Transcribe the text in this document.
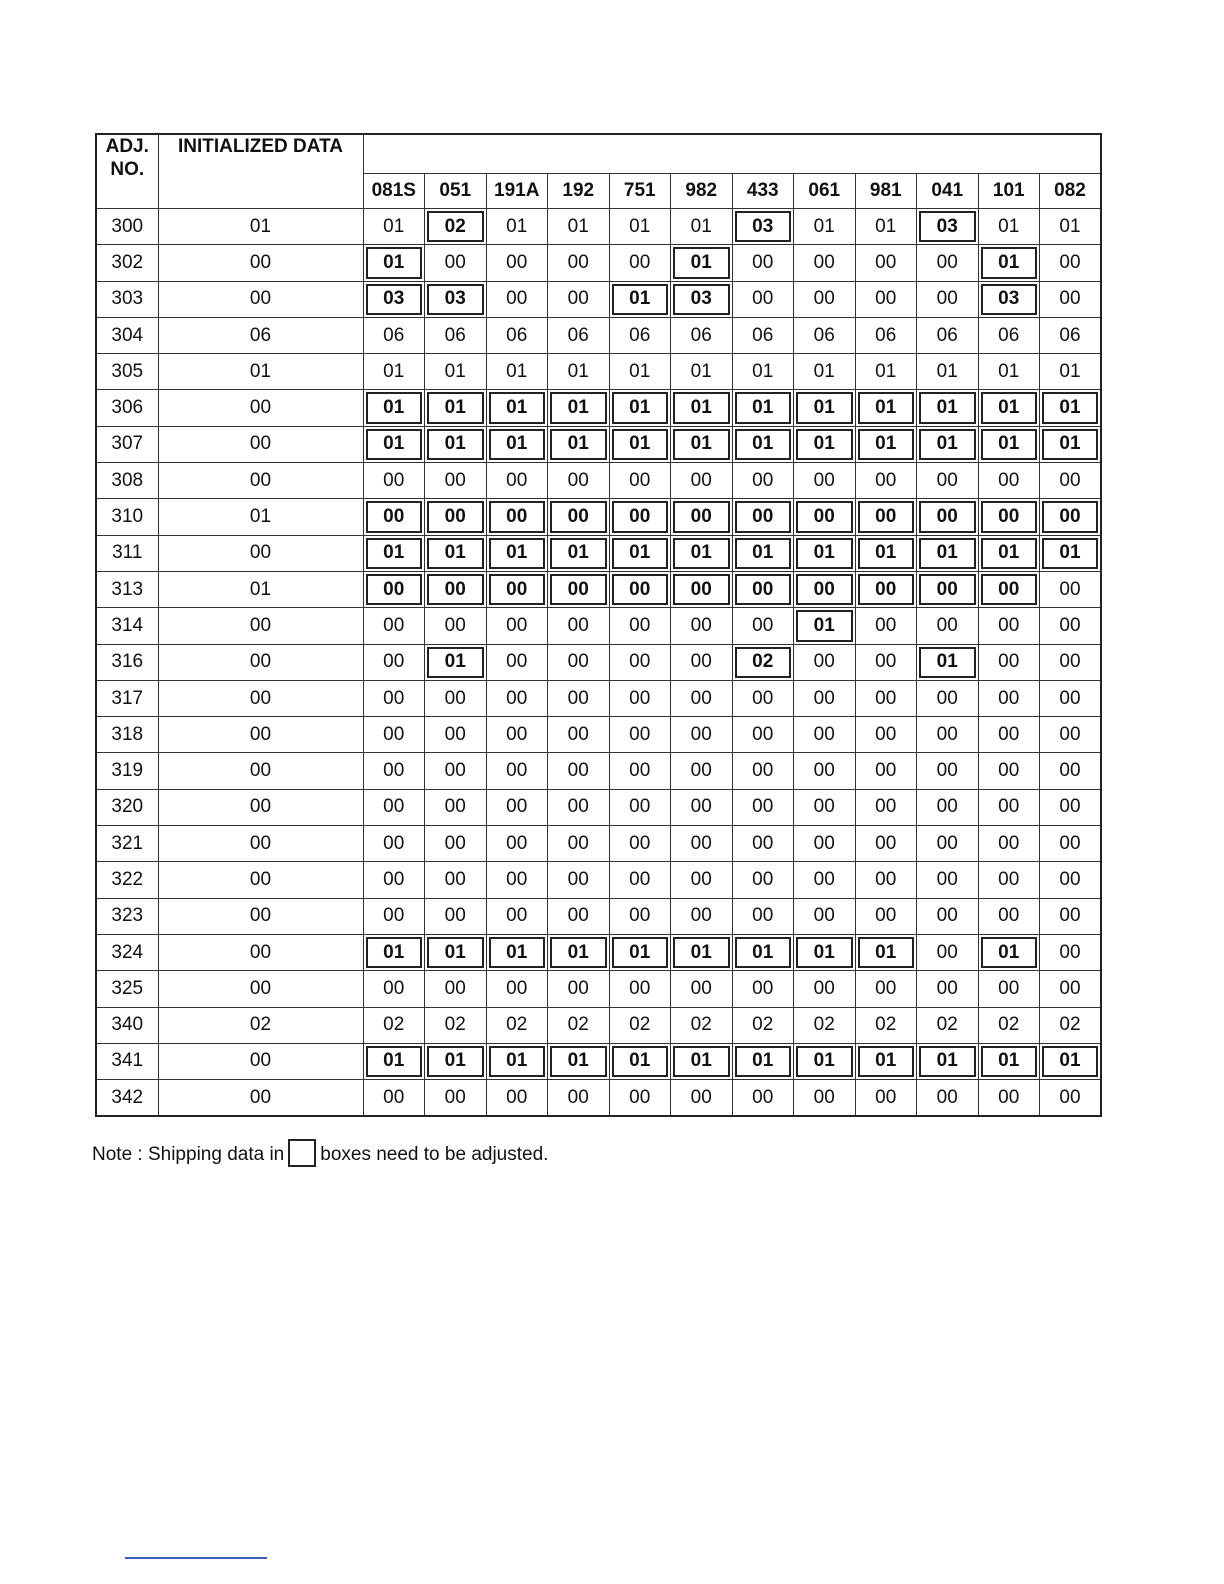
ADJ. NO.	INITIALIZED DATA												
		081S	051	191A	192	751	982	433	061	981	041	101	082
300	01	01	02	01	01	01	01	03	01	01	03	01	01
302	00	01	00	00	00	00	01	00	00	00	00	01	00
303	00	03	03	00	00	01	03	00	00	00	00	03	00
304	06	06	06	06	06	06	06	06	06	06	06	06	06
305	01	01	01	01	01	01	01	01	01	01	01	01	01
306	00	01	01	01	01	01	01	01	01	01	01	01	01
307	00	01	01	01	01	01	01	01	01	01	01	01	01
308	00	00	00	00	00	00	00	00	00	00	00	00	00
310	01	00	00	00	00	00	00	00	00	00	00	00	00
311	00	01	01	01	01	01	01	01	01	01	01	01	01
313	01	00	00	00	00	00	00	00	00	00	00	00	00
314	00	00	00	00	00	00	00	00	01	00	00	00	00
316	00	00	01	00	00	00	00	02	00	00	01	00	00
317	00	00	00	00	00	00	00	00	00	00	00	00	00
318	00	00	00	00	00	00	00	00	00	00	00	00	00
319	00	00	00	00	00	00	00	00	00	00	00	00	00
320	00	00	00	00	00	00	00	00	00	00	00	00	00
321	00	00	00	00	00	00	00	00	00	00	00	00	00
322	00	00	00	00	00	00	00	00	00	00	00	00	00
323	00	00	00	00	00	00	00	00	00	00	00	00	00
324	00	01	01	01	01	01	01	01	01	01	00	01	00
325	00	00	00	00	00	00	00	00	00	00	00	00	00
340	02	02	02	02	02	02	02	02	02	02	02	02	02
341	00	01	01	01	01	01	01	01	01	01	01	01	01
342	00	00	00	00	00	00	00	00	00	00	00	00	00
Note : Shipping data in boxes need to be adjusted.
